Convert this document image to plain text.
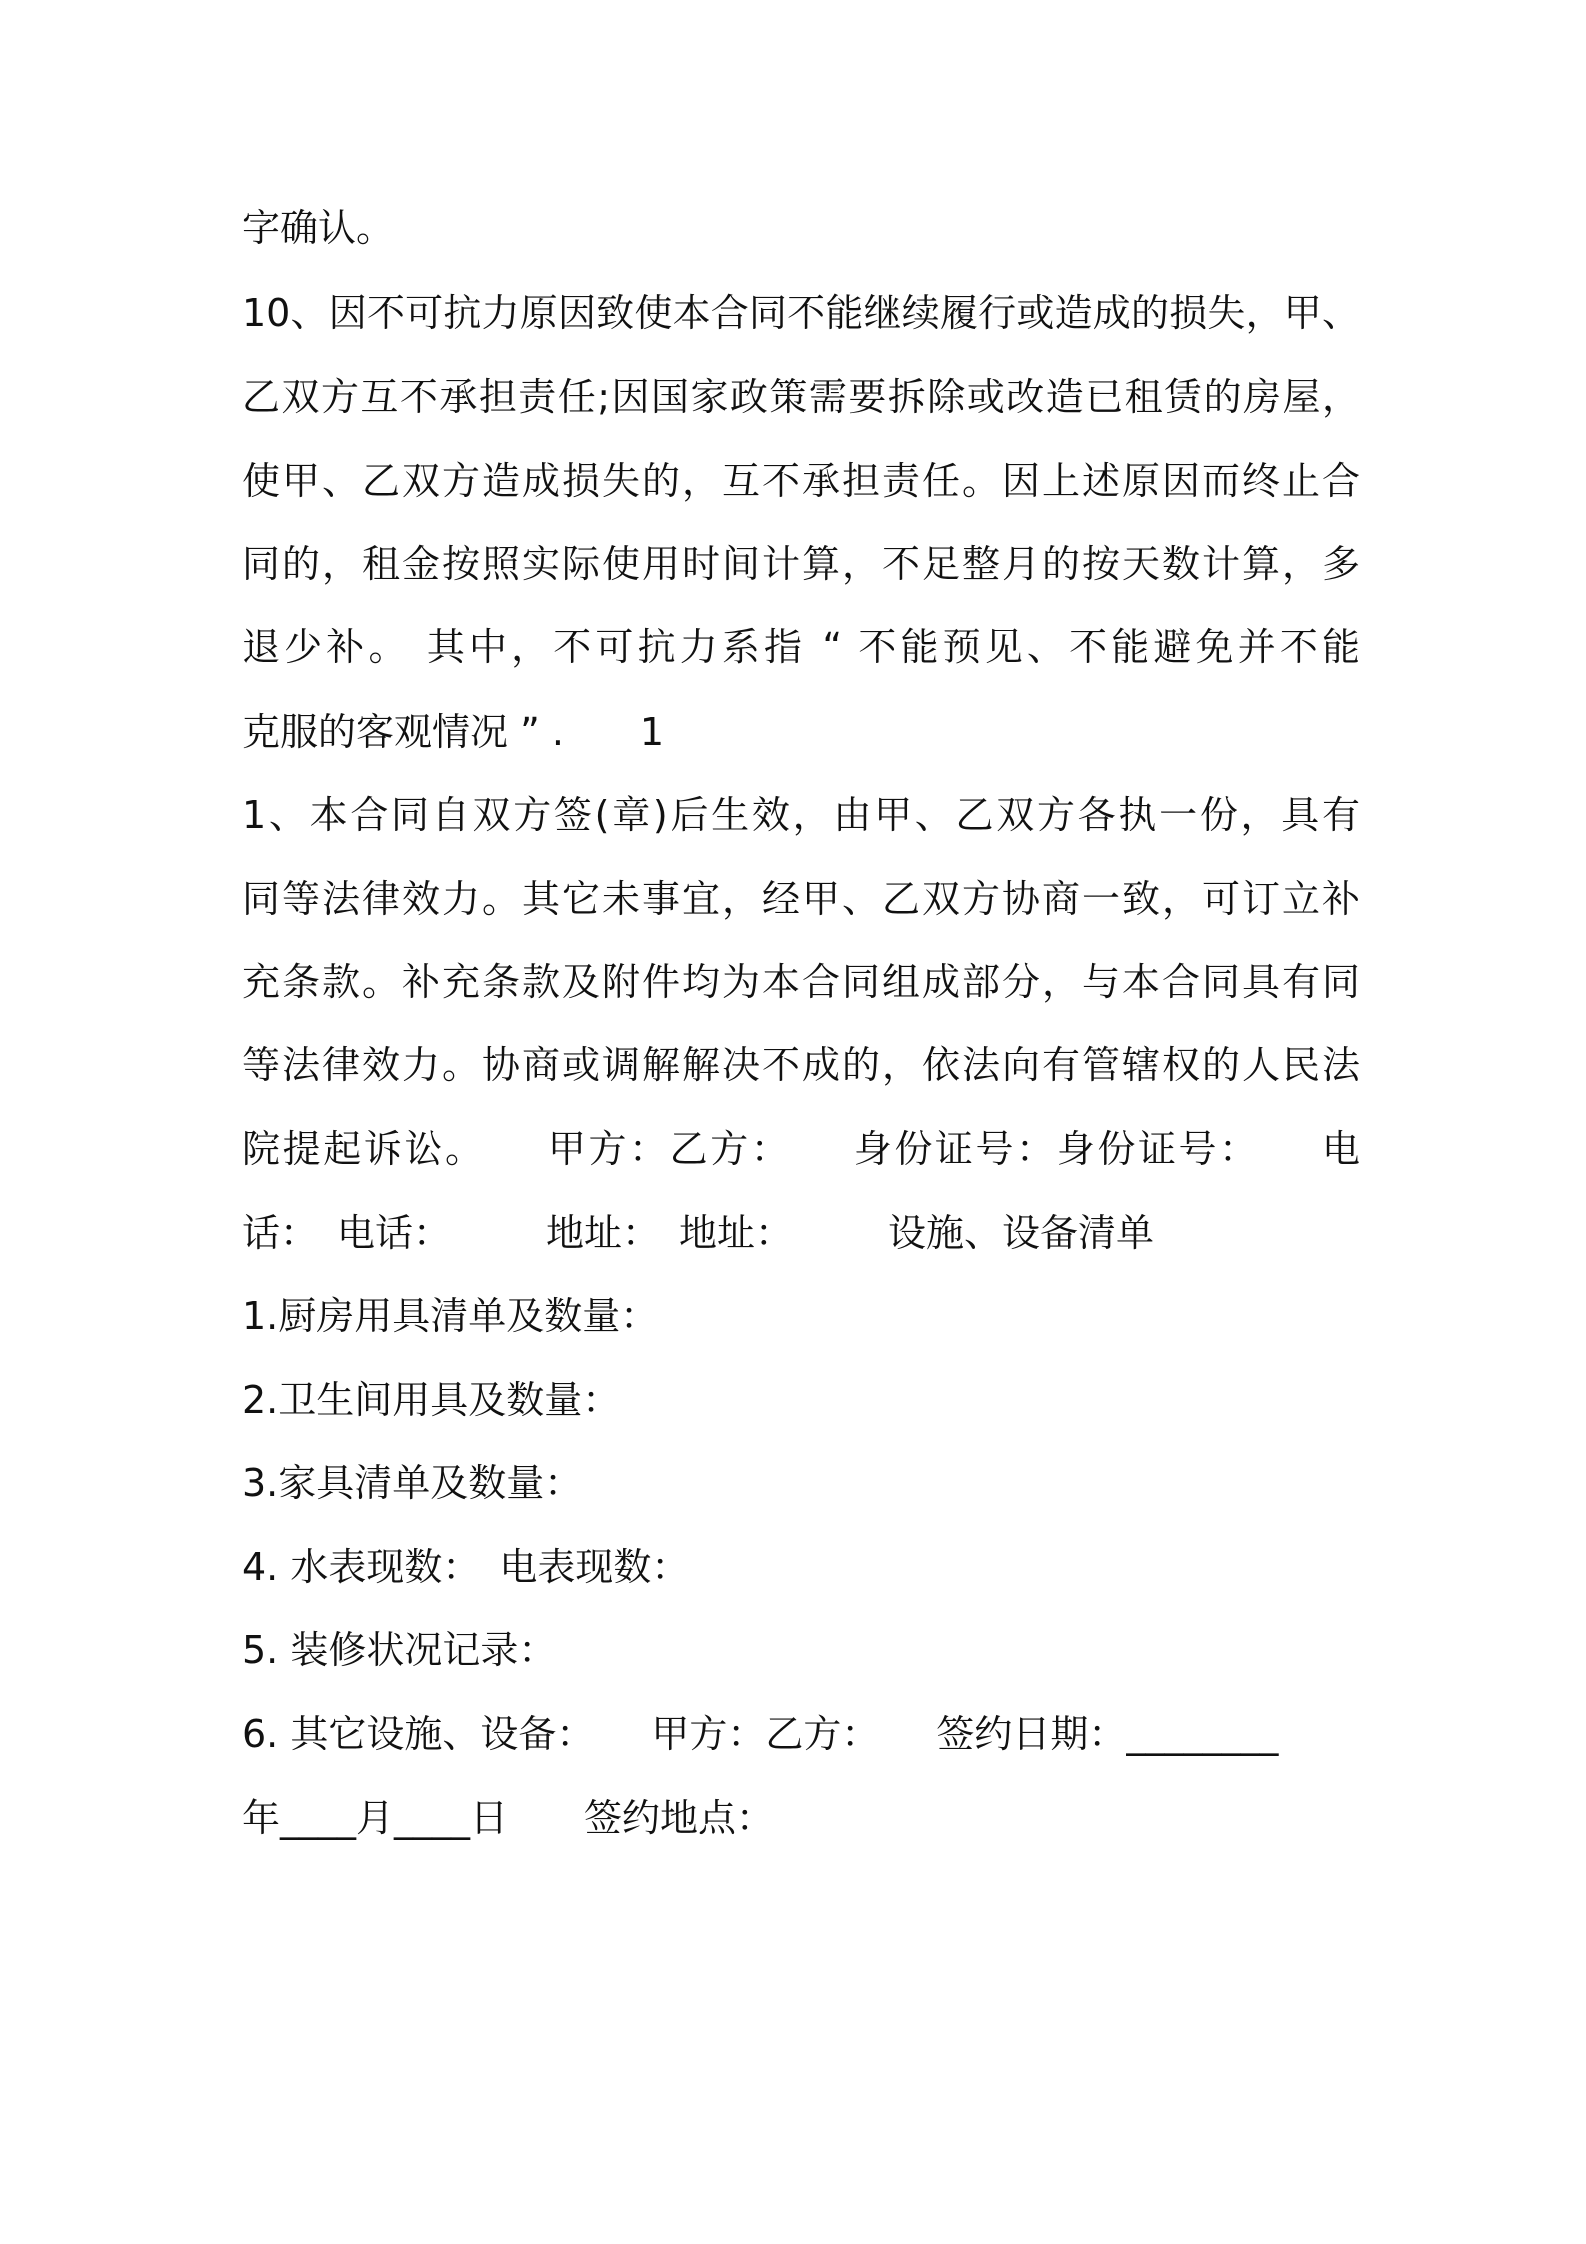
字确认。
10、因不可抗力原因致使本合同不能继续履行或造成的损失，甲、
乙双方互不承担责任;因国家政策需要拆除或改造已租赁的房屋，
使甲、乙双方造成损失的，互不承担责任。因上述原因而终止合
同的，租金按照实际使用时间计算，不足整月的按天数计算，多
退少补。 其中，不可抗力系指 “ 不能预见、不能避免并不能
克服的客观情况 ” .　　1
1、本合同自双方签(章)后生效，由甲、乙双方各执一份，具有
同等法律效力。其它未事宜，经甲、乙双方协商一致，可订立补
充条款。补充条款及附件均为本合同组成部分，与本合同具有同
等法律效力。协商或调解解决不成的，依法向有管辖权的人民法
院提起诉讼。　　甲方：乙方：　　身份证号：身份证号：　　电
话：　电话：　　　地址：　地址：　　　设施、设备清单
1.厨房用具清单及数量：
2.卫生间用具及数量：
3.家具清单及数量：
4. 水表现数：　电表现数：
5. 装修状况记录：
6. 其它设施、设备：　　甲方：乙方：　　签约日期：________
年____月____日　　签约地点：
